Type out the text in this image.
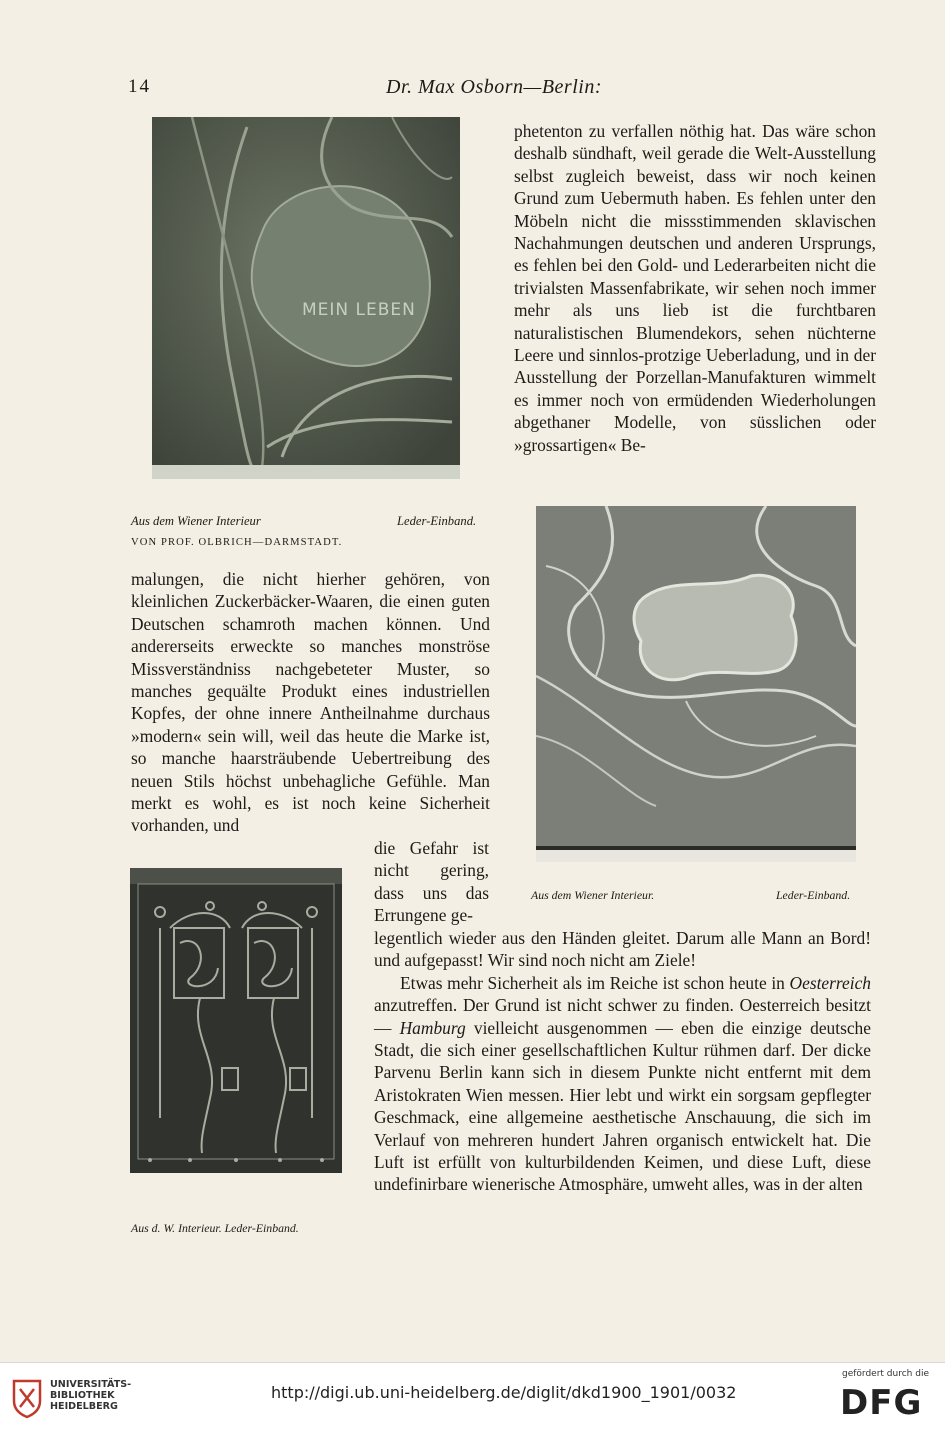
14	Dr. Max Osborn—Berlin:
MEIN LEBEN
Aus dem Wiener Interieur	Leder-Einband.
VON PROF. OLBRICH—DARMSTADT.

phetenton zu verfallen nöthig hat. Das wäre schon deshalb sündhaft, weil gerade die Welt-Ausstellung selbst zugleich beweist, dass wir noch keinen Grund zum Uebermuth haben. Es fehlen unter den Möbeln nicht die missstimmenden sklavischen Nachahmungen deutschen und anderen Ursprungs, es fehlen bei den Gold- und Lederarbeiten nicht die trivialsten Massenfabrikate, wir sehen noch immer mehr als uns lieb ist die furchtbaren naturalistischen Blumendekors, sehen nüchterne Leere und sinnlos-protzige Ueberladung, und in der Ausstellung der Porzellan-Manufakturen wimmelt es immer noch von ermüdenden Wiederholungen abgethaner Modelle, von süsslichen oder »grossartigen« Be-

Aus dem Wiener Interieur.	Leder-Einband.

malungen, die nicht hierher gehören, von kleinlichen Zuckerbäcker-Waaren, die einen guten Deutschen schamroth machen können. Und andererseits erweckte so manches monströse Missverständniss nachgebeteter Muster, so manches gequälte Produkt eines industriellen Kopfes, der ohne innere Antheilnahme durchaus »modern« sein will, weil das heute die Marke ist, so manche haarsträubende Uebertreibung des neuen Stils höchst unbehagliche Gefühle. Man merkt es wohl, es ist noch keine Sicherheit vorhanden, und

die Gefahr ist

nicht gering,

dass uns das

Errungene ge-

Aus d. W. Interieur. Leder-Einband.

legentlich wieder aus den Händen gleitet. Darum alle Mann an Bord! und aufgepasst! Wir sind noch nicht am Ziele!

Etwas mehr Sicherheit als im Reiche ist schon heute in Oesterreich anzutreffen. Der Grund ist nicht schwer zu finden. Oesterreich besitzt — Hamburg vielleicht ausgenommen — eben die einzige deutsche Stadt, die sich einer gesellschaftlichen Kultur rühmen darf. Der dicke Parvenu Berlin kann sich in diesem Punkte nicht entfernt mit dem Aristokraten Wien messen. Hier lebt und wirkt ein sorgsam gepflegter Geschmack, eine allgemeine aesthetische Anschauung, die sich im Verlauf von mehreren hundert Jahren organisch entwickelt hat. Die Luft ist erfüllt von kulturbildenden Keimen, und diese Luft, diese undefinirbare wienerische Atmosphäre, umweht alles, was in der alten

UNIVERSITÄTS-
BIBLIOTHEK
HEIDELBERG
http://digi.ub.uni-heidelberg.de/diglit/dkd1900_1901/0032
gefördert durch die
DFG
